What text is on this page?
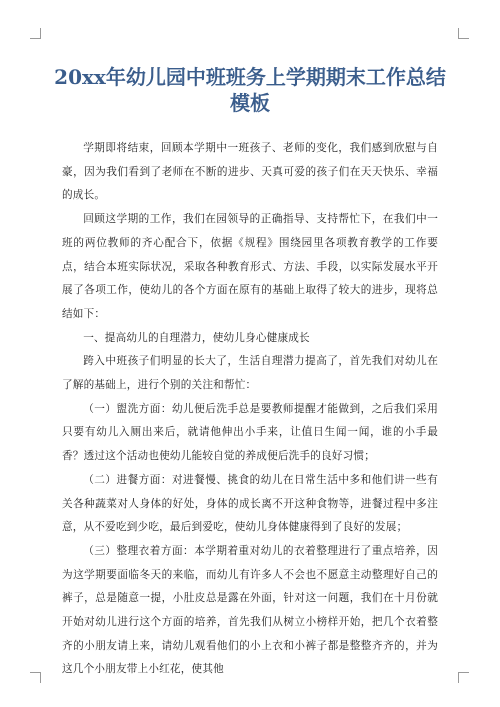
20xx年幼儿园中班班务上学期期末工作总结 模板

学期即将结束，回顾本学期中一班孩子、老师的变化，我们感到欣慰与自豪，因为我们看到了老师在不断的进步、天真可爱的孩子们在天天快乐、幸福的成长。

回顾这学期的工作，我们在园领导的正确指导、支持帮忙下，在我们中一班的两位教师的齐心配合下，依据《规程》围绕园里各项教育教学的工作要点，结合本班实际状况，采取各种教育形式、方法、手段，以实际发展水平开展了各项工作，使幼儿的各个方面在原有的基础上取得了较大的进步，现将总结如下：

一、提高幼儿的自理潜力，使幼儿身心健康成长

跨入中班孩子们明显的长大了，生活自理潜力提高了，首先我们对幼儿在了解的基础上，进行个别的关注和帮忙：

（一）盥洗方面：幼儿便后洗手总是要教师提醒才能做到，之后我们采用只要有幼儿入厕出来后，就请他伸出小手来，让值日生闻一闻，谁的小手最香？透过这个活动也使幼儿能较自觉的养成便后洗手的良好习惯；

（二）进餐方面：对进餐慢、挑食的幼儿在日常生活中多和他们讲一些有关各种蔬菜对人身体的好处，身体的成长离不开这种食物等，进餐过程中多注意，从不爱吃到少吃，最后到爱吃，使幼儿身体健康得到了良好的发展；

（三）整理衣着方面：本学期着重对幼儿的衣着整理进行了重点培养，因为这学期要面临冬天的来临，而幼儿有许多人不会也不愿意主动整理好自己的裤子，总是随意一提，小肚皮总是露在外面，针对这一问题，我们在十月份就开始对幼儿进行这个方面的培养，首先我们从树立小榜样开始，把几个衣着整齐的小朋友请上来，请幼儿观看他们的小上衣和小裤子都是整整齐齐的，并为这几个小朋友带上小红花，使其他
